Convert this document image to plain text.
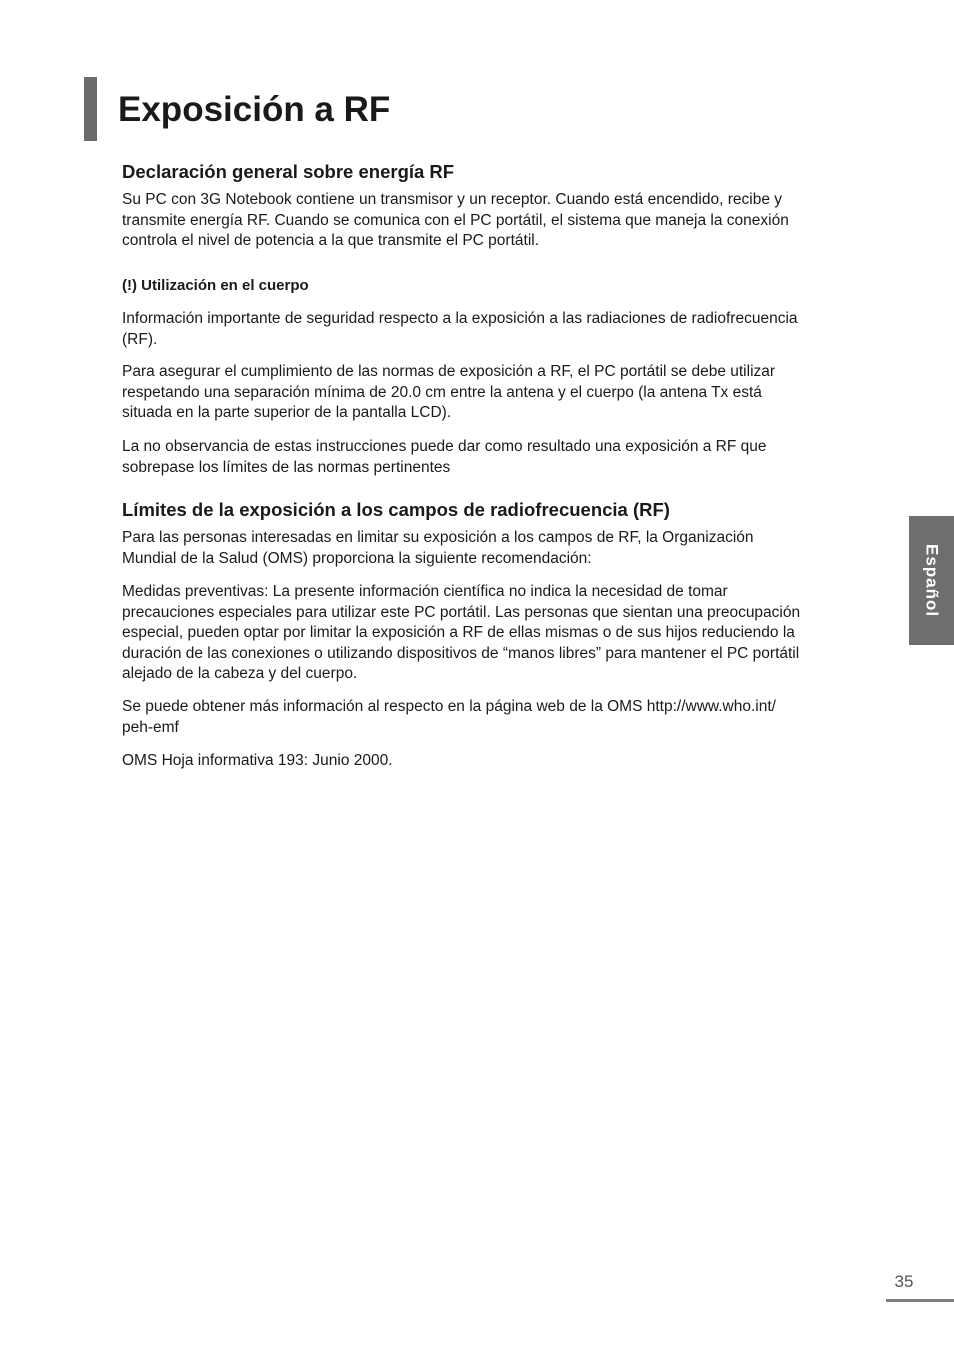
Exposición a RF
Declaración general sobre energía RF

Su PC con 3G Notebook contiene un transmisor y un receptor. Cuando está encendido, recibe y
transmite energía RF. Cuando se comunica con el PC portátil, el sistema que maneja la conexión
controla el nivel de potencia a la que transmite el PC portátil.

(!) Utilización en el cuerpo

Información importante de seguridad respecto a la exposición a las radiaciones de radiofrecuencia
(RF).

Para asegurar el cumplimiento de las normas de exposición a RF, el PC portátil se debe utilizar
respetando una separación mínima de 20.0 cm entre la antena y el cuerpo (la antena Tx está
situada en la parte superior de la pantalla LCD).

La no observancia de estas instrucciones puede dar como resultado una exposición a RF que
sobrepase los límites de las normas pertinentes

Límites de la exposición a los campos de radiofrecuencia (RF)

Para las personas interesadas en limitar su exposición a los campos de RF, la Organización
Mundial de la Salud (OMS) proporciona la siguiente recomendación:

Medidas preventivas: La presente información científica no indica la necesidad de tomar
precauciones especiales para utilizar este PC portátil. Las personas que sientan una preocupación
especial, pueden optar por limitar la exposición a RF de ellas mismas o de sus hijos reduciendo la
duración de las conexiones o utilizando dispositivos de “manos libres” para mantener el PC portátil
alejado de la cabeza y del cuerpo.

Se puede obtener más información al respecto en la página web de la OMS http://www.who.int/
peh-emf

OMS Hoja informativa 193: Junio 2000.

Español
35
